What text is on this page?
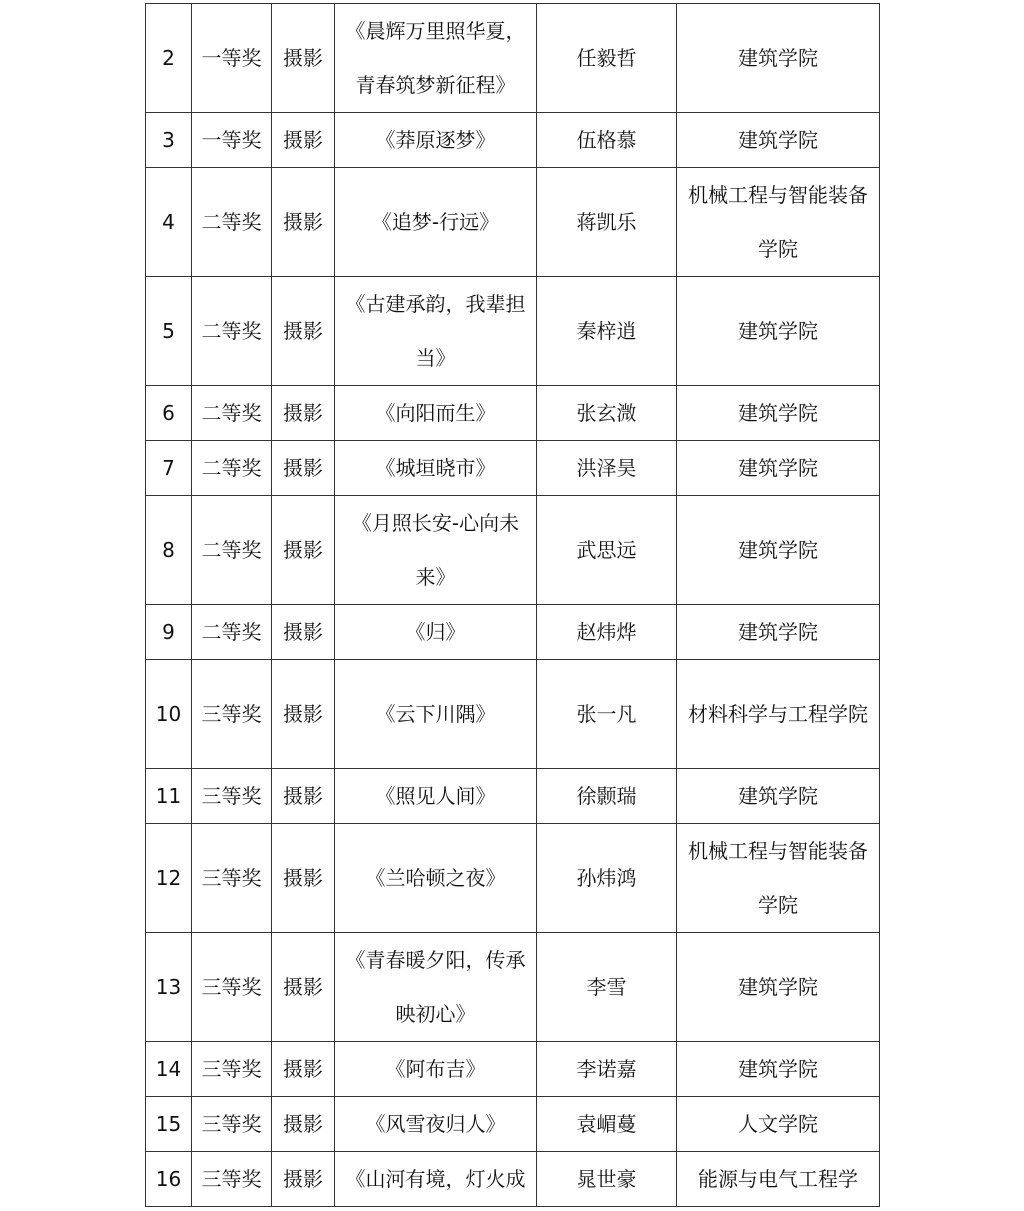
2	一等奖	摄影	《晨辉万里照华夏，青春筑梦新征程》	任毅哲	建筑学院

3	一等奖	摄影	《莽原逐梦》	伍格慕	建筑学院

4	二等奖	摄影	《追梦-行远》	蒋凯乐	机械工程与智能装备学院

5	二等奖	摄影	《古建承韵，我辈担当》	秦梓逍	建筑学院

6	二等奖	摄影	《向阳而生》	张玄溦	建筑学院

7	二等奖	摄影	《城垣晓市》	洪泽昊	建筑学院

8	二等奖	摄影	《月照长安-心向未来》	武思远	建筑学院

9	二等奖	摄影	《归》	赵炜烨	建筑学院

10	三等奖	摄影	《云下川隅》	张一凡	材料科学与工程学院

11	三等奖	摄影	《照见人间》	徐颢瑞	建筑学院

12	三等奖	摄影	《兰哈顿之夜》	孙炜鸿	机械工程与智能装备学院

13	三等奖	摄影	《青春暖夕阳，传承映初心》	李雪	建筑学院

14	三等奖	摄影	《阿布吉》	李诺嘉	建筑学院

15	三等奖	摄影	《风雪夜归人》	袁嵋蔓	人文学院

16	三等奖	摄影	《山河有境，灯火成	晁世豪	能源与电气工程学
